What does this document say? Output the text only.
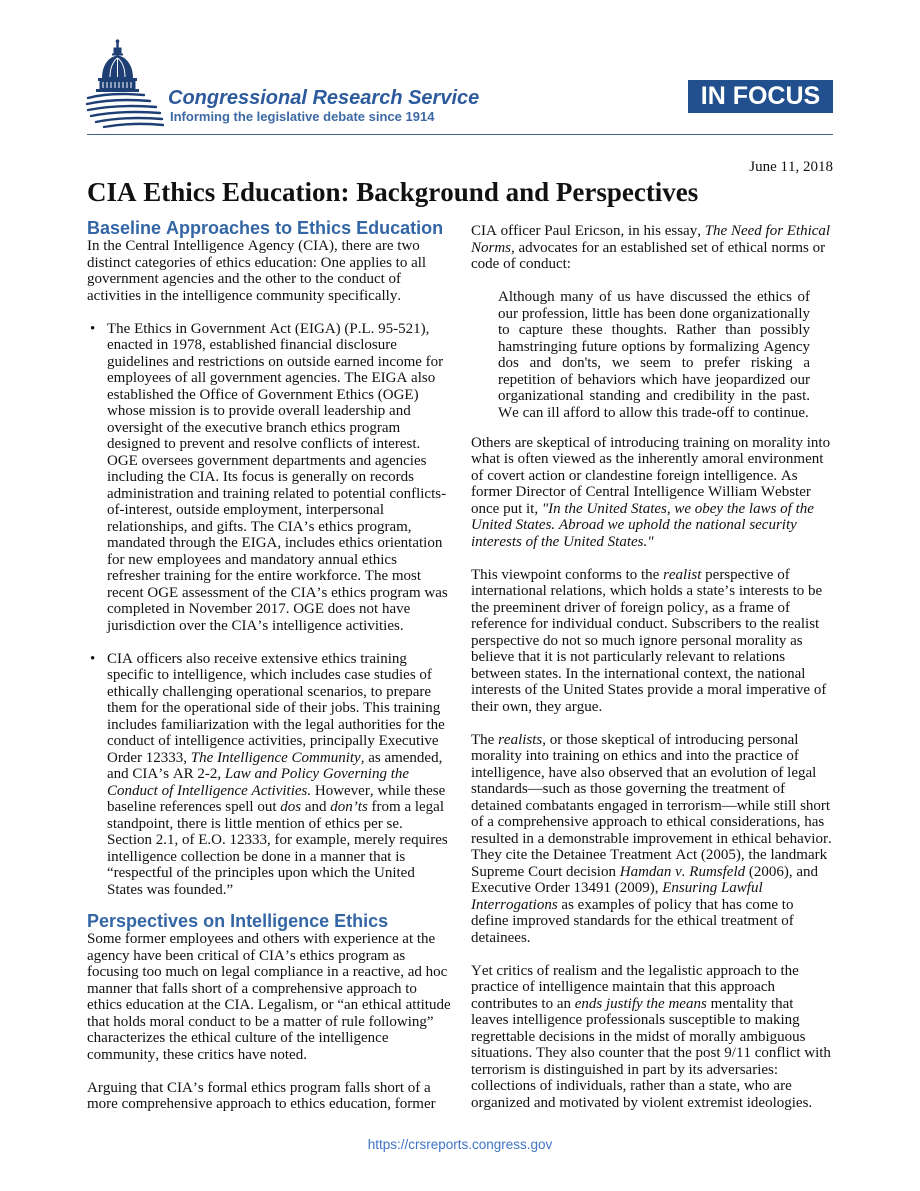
Congressional Research Service
Informing the legislative debate since 1914
IN FOCUS
June 11, 2018
CIA Ethics Education: Background and Perspectives
Baseline Approaches to Ethics Education

In the Central Intelligence Agency (CIA), there are two distinct categories of ethics education: One applies to all government agencies and the other to the conduct of activities in the intelligence community specifically.

•
The Ethics in Government Act (EIGA) (P.L. 95-521), enacted in 1978, established financial disclosure guidelines and restrictions on outside earned income for employees of all government agencies. The EIGA also established the Office of Government Ethics (OGE) whose mission is to provide overall leadership and oversight of the executive branch ethics program designed to prevent and resolve conflicts of interest. OGE oversees government departments and agencies including the CIA. Its focus is generally on records administration and training related to potential conflicts-of-interest, outside employment, interpersonal relationships, and gifts. The CIA’s ethics program, mandated through the EIGA, includes ethics orientation for new employees and mandatory annual ethics refresher training for the entire workforce. The most recent OGE assessment of the CIA’s ethics program was completed in November 2017. OGE does not have jurisdiction over the CIA’s intelligence activities.
•
CIA officers also receive extensive ethics training specific to intelligence, which includes case studies of ethically challenging operational scenarios, to prepare them for the operational side of their jobs. This training includes familiarization with the legal authorities for the conduct of intelligence activities, principally Executive Order 12333, The Intelligence Community, as amended, and CIA’s AR 2-2, Law and Policy Governing the Conduct of Intelligence Activities. However, while these baseline references spell out dos and don’ts from a legal standpoint, there is little mention of ethics per se. Section 2.1, of E.O. 12333, for example, merely requires intelligence collection be done in a manner that is “respectful of the principles upon which the United States was founded.”
Perspectives on Intelligence Ethics

Some former employees and others with experience at the agency have been critical of CIA’s ethics program as focusing too much on legal compliance in a reactive, ad hoc manner that falls short of a comprehensive approach to ethics education at the CIA. Legalism, or “an ethical attitude that holds moral conduct to be a matter of rule following” characterizes the ethical culture of the intelligence community, these critics have noted.

Arguing that CIA’s formal ethics program falls short of a more comprehensive approach to ethics education, former

CIA officer Paul Ericson, in his essay, The Need for Ethical Norms, advocates for an established set of ethical norms or code of conduct:

Although many of us have discussed the ethics of our profession, little has been done organizationally to capture these thoughts. Rather than possibly hamstringing future options by formalizing Agency dos and don'ts, we seem to prefer risking a repetition of behaviors which have jeopardized our organizational standing and credibility in the past. We can ill afford to allow this trade-off to continue.

Others are skeptical of introducing training on morality into what is often viewed as the inherently amoral environment of covert action or clandestine foreign intelligence. As former Director of Central Intelligence William Webster once put it, "In the United States, we obey the laws of the United States. Abroad we uphold the national security interests of the United States."

This viewpoint conforms to the realist perspective of international relations, which holds a state’s interests to be the preeminent driver of foreign policy, as a frame of reference for individual conduct. Subscribers to the realist perspective do not so much ignore personal morality as believe that it is not particularly relevant to relations between states. In the international context, the national interests of the United States provide a moral imperative of their own, they argue.

The realists, or those skeptical of introducing personal morality into training on ethics and into the practice of intelligence, have also observed that an evolution of legal standards—such as those governing the treatment of detained combatants engaged in terrorism—while still short of a comprehensive approach to ethical considerations, has resulted in a demonstrable improvement in ethical behavior. They cite the Detainee Treatment Act (2005), the landmark Supreme Court decision Hamdan v. Rumsfeld (2006), and Executive Order 13491 (2009), Ensuring Lawful Interrogations as examples of policy that has come to define improved standards for the ethical treatment of detainees.

Yet critics of realism and the legalistic approach to the practice of intelligence maintain that this approach contributes to an ends justify the means mentality that leaves intelligence professionals susceptible to making regrettable decisions in the midst of morally ambiguous situations. They also counter that the post 9/11 conflict with terrorism is distinguished in part by its adversaries: collections of individuals, rather than a state, who are organized and motivated by violent extremist ideologies.

https://crsreports.congress.gov
